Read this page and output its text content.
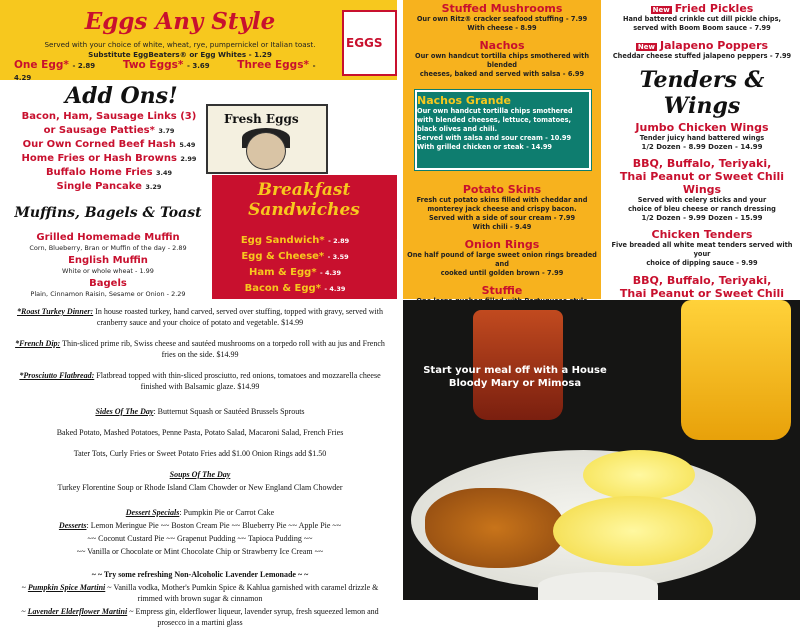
Eggs Any Style
EGGS
Served with your choice of white, wheat, rye, pumpernickel or Italian toast.
Substitute EggBeaters® or Egg Whites - 1.29
One Egg* - 2.89	Two Eggs* - 3.69	Three Eggs* - 4.29
Add Ons!
Bacon, Ham, Sausage Links (3)
or Sausage Patties* 3.79
Our Own Corned Beef Hash 5.49
Home Fries or Hash Browns 2.99
Buffalo Home Fries 3.49
Single Pancake 3.29
Fresh Eggs
Muffins, Bagels & Toast
Grilled Homemade Muffin
Corn, Blueberry, Bran or Muffin of the day - 2.89
English Muffin
White or whole wheat - 1.99
Bagels
Plain, Cinnamon Raisin, Sesame or Onion - 2.29
Breakfast
Sandwiches
Egg Sandwich* - 2.89
Egg & Cheese* - 3.59
Ham & Egg* - 4.39
Bacon & Egg* - 4.39
Stuffed Mushrooms
Our own Ritz® cracker seafood stuffing - 7.99
With cheese - 8.99
Nachos
Our own handcut tortilla chips smothered with blended
cheeses, baked and served with salsa - 6.99
Potato Skins
Fresh cut potato skins filled with cheddar and
monterey jack cheese and crispy bacon.
Served with a side of sour cream - 7.99
With chili - 9.49
Onion Rings
One half pound of large sweet onion rings breaded and
cooked until golden brown - 7.99
Stuffie
Nachos Grande
Our own handcut tortilla chips smothered
with blended cheeses, lettuce, tomatoes,
black olives and chili.
Served with salsa and sour cream - 10.99
With grilled chicken or steak - 14.99
New Fried Pickles
Hand battered crinkle cut dill pickle chips,
served with Boom Boom sauce - 7.99
New Jalapeno Poppers
Cheddar cheese stuffed jalapeno peppers - 7.99
Tenders & Wings
Jumbo Chicken Wings
Tender juicy hand battered wings
1/2 Dozen - 8.99 Dozen - 14.99
BBQ, Buffalo, Teriyaki,
Thai Peanut or Sweet Chili Wings
Served with celery sticks and your
choice of bleu cheese or ranch dressing
1/2 Dozen - 9.99 Dozen - 15.99
Chicken Tenders
Five breaded all white meat tenders served with your
choice of dipping sauce - 9.99
BBQ, Buffalo, Teriyaki,
Thai Peanut or Sweet Chili

*Roast Turkey Dinner: In house roasted turkey, hand carved, served over stuffing, topped with gravy, served with cranberry sauce and your choice of potato and vegetable. $14.99

*French Dip: Thin-sliced prime rib, Swiss cheese and sautéed mushrooms on a torpedo roll with au jus and French fries on the side. $14.99

*Prosciutto Flatbread: Flatbread topped with thin-sliced prosciutto, red onions, tomatoes and mozzarella cheese finished with Balsamic glaze. $14.99

Sides Of The Day: Butternut Squash or Sautéed Brussels Sprouts

Baked Potato, Mashed Potatoes, Penne Pasta, Potato Salad, Macaroni Salad, French Fries

Tater Tots, Curly Fries or Sweet Potato Fries add $1.00 Onion Rings add $1.50

Soups Of The Day

Turkey Florentine Soup or Rhode Island Clam Chowder or New England Clam Chowder

Dessert Specials: Pumpkin Pie or Carrot Cake

Desserts: Lemon Meringue Pie ~~ Boston Cream Pie ~~ Blueberry Pie ~~ Apple Pie ~~

~~ Coconut Custard Pie ~~ Grapenut Pudding ~~ Tapioca Pudding ~~

~~ Vanilla or Chocolate or Mint Chocolate Chip or Strawberry Ice Cream ~~

~ ~ Try some refreshing Non-Alcoholic Lavender Lemonade ~ ~

~ Pumpkin Spice Martini ~ Vanilla vodka, Mother's Pumkin Spice & Kahlua garnished with caramel drizzle & rimmed with brown sugar & cinnamon

~ Lavender Elderflower Martini ~ Empress gin, elderflower liqueur, lavender syrup, fresh squeezed lemon and prosecco in a martini glass

Start your meal off with a House
Bloody Mary or Mimosa
